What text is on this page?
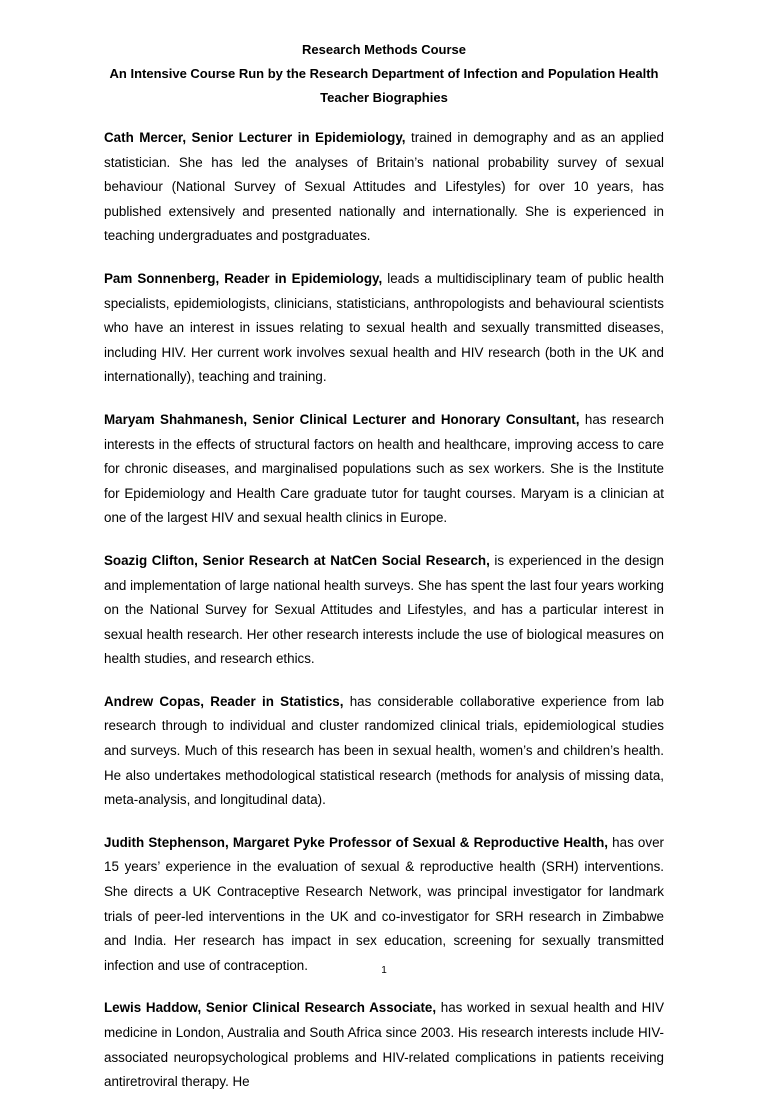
Research Methods Course
An Intensive Course Run by the Research Department of Infection and Population Health
Teacher Biographies

Cath Mercer, Senior Lecturer in Epidemiology, trained in demography and as an applied statistician. She has led the analyses of Britain’s national probability survey of sexual behaviour (National Survey of Sexual Attitudes and Lifestyles) for over 10 years, has published extensively and presented nationally and internationally. She is experienced in teaching undergraduates and postgraduates.

Pam Sonnenberg, Reader in Epidemiology, leads a multidisciplinary team of public health specialists, epidemiologists, clinicians, statisticians, anthropologists and behavioural scientists who have an interest in issues relating to sexual health and sexually transmitted diseases, including HIV. Her current work involves sexual health and HIV research (both in the UK and internationally), teaching and training.

Maryam Shahmanesh, Senior Clinical Lecturer and Honorary Consultant, has research interests in the effects of structural factors on health and healthcare, improving access to care for chronic diseases, and marginalised populations such as sex workers. She is the Institute for Epidemiology and Health Care graduate tutor for taught courses. Maryam is a clinician at one of the largest HIV and sexual health clinics in Europe.

Soazig Clifton, Senior Research at NatCen Social Research, is experienced in the design and implementation of large national health surveys. She has spent the last four years working on the National Survey for Sexual Attitudes and Lifestyles, and has a particular interest in sexual health research. Her other research interests include the use of biological measures on health studies, and research ethics.

Andrew Copas, Reader in Statistics, has considerable collaborative experience from lab research through to individual and cluster randomized clinical trials, epidemiological studies and surveys. Much of this research has been in sexual health, women’s and children’s health. He also undertakes methodological statistical research (methods for analysis of missing data, meta-analysis, and longitudinal data).

Judith Stephenson, Margaret Pyke Professor of Sexual & Reproductive Health, has over 15 years’ experience in the evaluation of sexual & reproductive health (SRH) interventions. She directs a UK Contraceptive Research Network, was principal investigator for landmark trials of peer-led interventions in the UK and co-investigator for SRH research in Zimbabwe and India. Her research has impact in sex education, screening for sexually transmitted infection and use of contraception.

Lewis Haddow, Senior Clinical Research Associate, has worked in sexual health and HIV medicine in London, Australia and South Africa since 2003. His research interests include HIV-associated neuropsychological problems and HIV-related complications in patients receiving antiretroviral therapy. He

1
